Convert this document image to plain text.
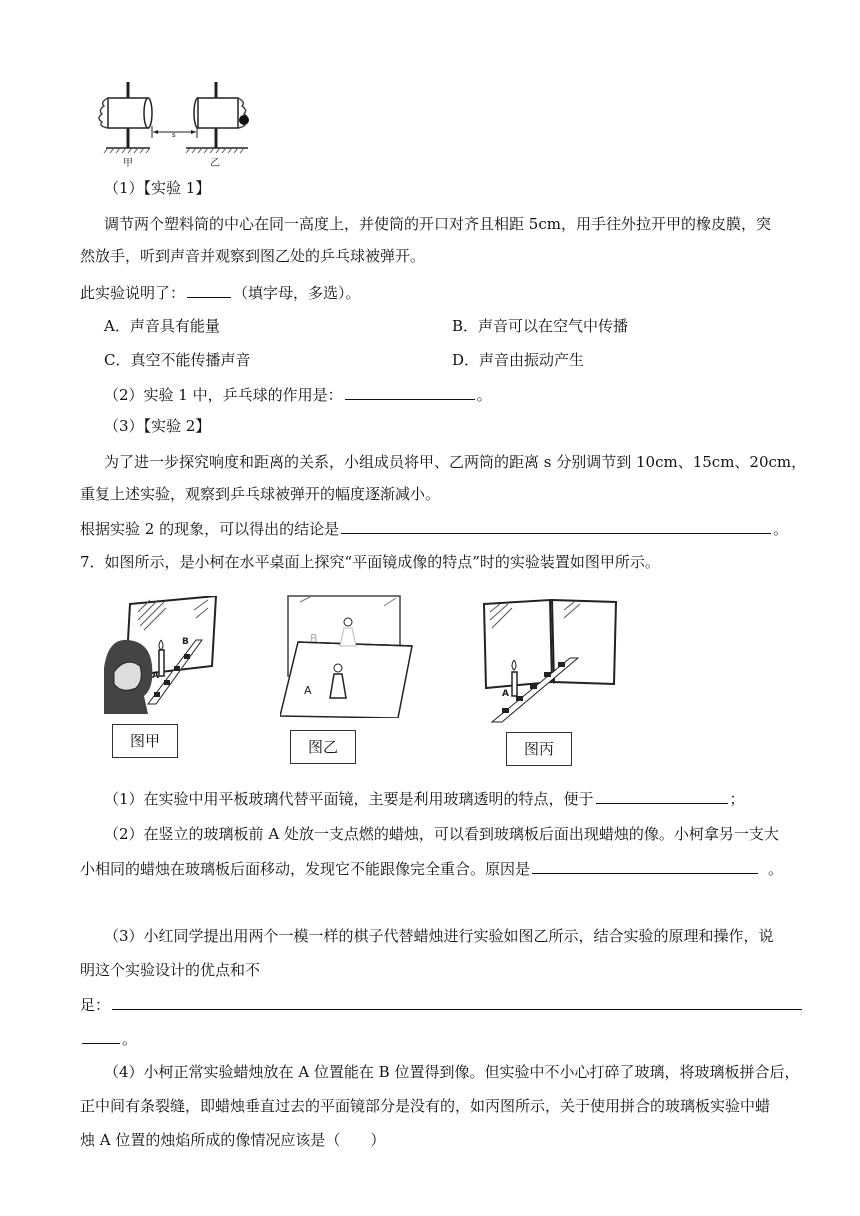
s
甲	乙
（1）【实验 1】
调节两个塑料筒的中心在同一高度上，并使筒的开口对齐且相距 5cm，用手往外拉开甲的橡皮膜，突
然放手，听到声音并观察到图乙处的乒乓球被弹开。
此实验说明了：	（填字母，多选）。
A．声音具有能量	B．声音可以在空气中传播
C．真空不能传播声音	D．声音由振动产生
（2）实验 1 中，乒乓球的作用是：	。
（3）【实验 2】
为了进一步探究响度和距离的关系，小组成员将甲、乙两筒的距离 s 分别调节到 10cm、15cm、20cm，
重复上述实验，观察到乒乓球被弹开的幅度逐渐减小。
根据实验 2 的现象，可以得出的结论是	。
7．如图所示，是小柯在水平桌面上探究“平面镜成像的特点”时的实验装置如图甲所示。
B
A
图甲
B
A
图乙
A
图丙
（1）在实验中用平板玻璃代替平面镜，主要是利用玻璃透明的特点，便于	；
（2）在竖立的玻璃板前 A 处放一支点燃的蜡烛，可以看到玻璃板后面出现蜡烛的像。小柯拿另一支大
小相同的蜡烛在玻璃板后面移动，发现它不能跟像完全重合。原因是	。
（3）小红同学提出用两个一模一样的棋子代替蜡烛进行实验如图乙所示，结合实验的原理和操作，说
明这个实验设计的优点和不
足：
。
（4）小柯正常实验蜡烛放在 A 位置能在 B 位置得到像。但实验中不小心打碎了玻璃，将玻璃板拼合后，
正中间有条裂缝，即蜡烛垂直过去的平面镜部分是没有的，如丙图所示，关于使用拼合的玻璃板实验中蜡
烛 A 位置的烛焰所成的像情况应该是（　　）
